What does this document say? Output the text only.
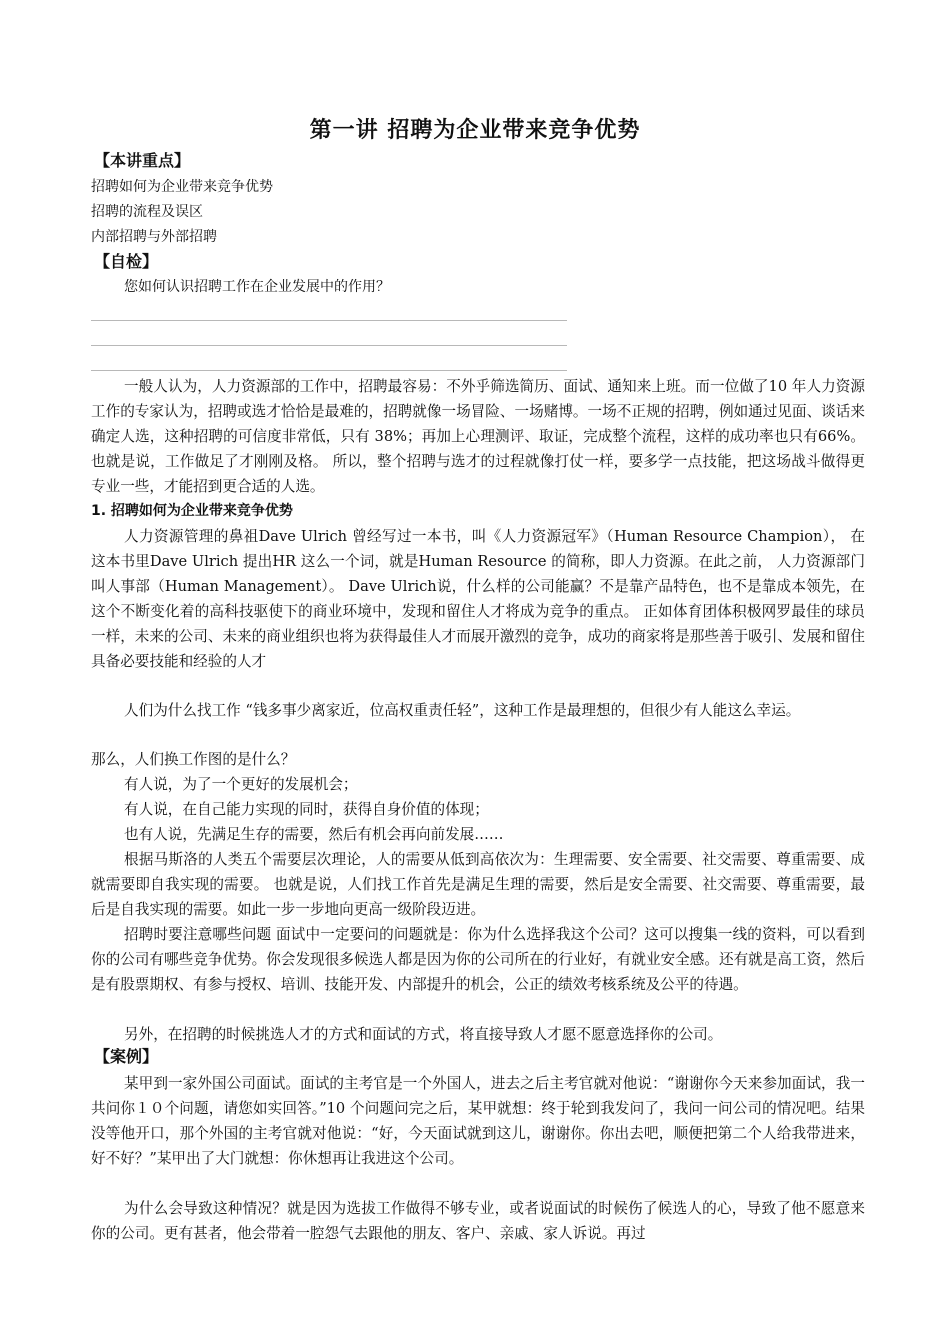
第一讲 招聘为企业带来竞争优势
【本讲重点】
招聘如何为企业带来竞争优势
招聘的流程及误区
内部招聘与外部招聘
【自检】
您如何认识招聘工作在企业发展中的作用？

一般人认为，人力资源部的工作中，招聘最容易：不外乎筛选简历、面试、通知来上班。而一位做了10 年人力资源工作的专家认为，招聘或选才恰恰是最难的，招聘就像一场冒险、一场赌博。一场不正规的招聘，例如通过见面、谈话来确定人选，这种招聘的可信度非常低，只有 38%；再加上心理测评、取证，完成整个流程，这样的成功率也只有66%。也就是说，工作做足了才刚刚及格。 所以，整个招聘与选才的过程就像打仗一样，要多学一点技能，把这场战斗做得更专业一些，才能招到更合适的人选。

1. 招聘如何为企业带来竞争优势

人力资源管理的鼻祖Dave Ulrich 曾经写过一本书，叫《人力资源冠军》（Human Resource Champion）， 在这本书里Dave Ulrich 提出HR 这么一个词，就是Human Resource 的简称，即人力资源。在此之前， 人力资源部门叫人事部（Human Management）。 Dave Ulrich说，什么样的公司能赢？不是靠产品特色，也不是靠成本领先，在这个不断变化着的高科技驱使下的商业环境中，发现和留住人才将成为竞争的重点。 正如体育团体积极网罗最佳的球员一样，未来的公司、未来的商业组织也将为获得最佳人才而展开激烈的竞争，成功的商家将是那些善于吸引、发展和留住具备必要技能和经验的人才

人们为什么找工作 “钱多事少离家近，位高权重责任轻”，这种工作是最理想的，但很少有人能这么幸运。

那么，人们换工作图的是什么？

有人说，为了一个更好的发展机会；

有人说，在自己能力实现的同时，获得自身价值的体现；

也有人说，先满足生存的需要，然后有机会再向前发展……

根据马斯洛的人类五个需要层次理论，人的需要从低到高依次为：生理需要、安全需要、社交需要、尊重需要、成就需要即自我实现的需要。 也就是说，人们找工作首先是满足生理的需要，然后是安全需要、社交需要、尊重需要，最后是自我实现的需要。如此一步一步地向更高一级阶段迈进。

招聘时要注意哪些问题 面试中一定要问的问题就是：你为什么选择我这个公司？这可以搜集一线的资料，可以看到你的公司有哪些竞争优势。你会发现很多候选人都是因为你的公司所在的行业好，有就业安全感。还有就是高工资，然后是有股票期权、有参与授权、培训、技能开发、内部提升的机会，公正的绩效考核系统及公平的待遇。

另外，在招聘的时候挑选人才的方式和面试的方式，将直接导致人才愿不愿意选择你的公司。

【案例】

某甲到一家外国公司面试。面试的主考官是一个外国人，进去之后主考官就对他说：“谢谢你今天来参加面试，我一共问你１０个问题，请您如实回答。”10 个问题问完之后，某甲就想：终于轮到我发问了，我问一问公司的情况吧。结果没等他开口，那个外国的主考官就对他说：“好，今天面试就到这儿，谢谢你。你出去吧，顺便把第二个人给我带进来，好不好？”某甲出了大门就想：你休想再让我进这个公司。

为什么会导致这种情况？就是因为选拔工作做得不够专业，或者说面试的时候伤了候选人的心，导致了他不愿意来你的公司。更有甚者，他会带着一腔怨气去跟他的朋友、客户、亲戚、家人诉说。再过
